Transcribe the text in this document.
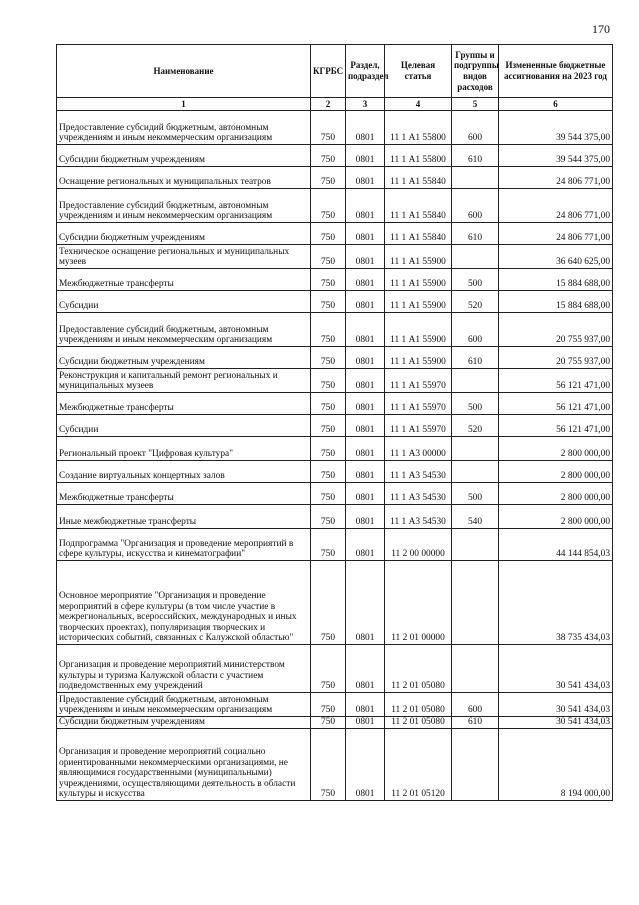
170
Наименование	КГРБС	Раздел, подраздел	Целевая статья	Группы и подгруппы видов расходов	Измененные бюджетные ассигнования на 2023 год
1	2	3	4	5	6
Предоставление субсидий бюджетным, автономным учреждениям и иным некоммерческим организациям	750	0801	11 1 А1 55800	600	39 544 375,00
Субсидии бюджетным учреждениям	750	0801	11 1 А1 55800	610	39 544 375,00
Оснащение региональных и муниципальных театров	750	0801	11 1 А1 55840		24 806 771,00
Предоставление субсидий бюджетным, автономным учреждениям и иным некоммерческим организациям	750	0801	11 1 А1 55840	600	24 806 771,00
Субсидии бюджетным учреждениям	750	0801	11 1 А1 55840	610	24 806 771,00
Техническое оснащение региональных и муниципальных музеев	750	0801	11 1 А1 55900		36 640 625,00
Межбюджетные трансферты	750	0801	11 1 А1 55900	500	15 884 688,00
Субсидии	750	0801	11 1 А1 55900	520	15 884 688,00
Предоставление субсидий бюджетным, автономным учреждениям и иным некоммерческим организациям	750	0801	11 1 А1 55900	600	20 755 937,00
Субсидии бюджетным учреждениям	750	0801	11 1 А1 55900	610	20 755 937,00
Реконструкция и капитальный ремонт региональных и муниципальных музеев	750	0801	11 1 А1 55970		56 121 471,00
Межбюджетные трансферты	750	0801	11 1 А1 55970	500	56 121 471,00
Субсидии	750	0801	11 1 А1 55970	520	56 121 471,00
Региональный проект "Цифровая культура"	750	0801	11 1 А3 00000		2 800 000,00
Создание виртуальных концертных залов	750	0801	11 1 А3 54530		2 800 000,00
Межбюджетные трансферты	750	0801	11 1 А3 54530	500	2 800 000,00
Иные межбюджетные трансферты	750	0801	11 1 А3 54530	540	2 800 000,00
Подпрограмма "Организация и проведение мероприятий в сфере культуры, искусства и кинематографии"	750	0801	11 2 00 00000		44 144 854,03
Основное мероприятие "Организация и проведение мероприятий в сфере культуры (в том числе участие в межрегиональных, всероссийских, международных и иных творческих проектах), популяризация творческих и исторических событий, связанных с Калужской областью"	750	0801	11 2 01 00000		38 735 434,03
Организация и проведение мероприятий министерством культуры и туризма Калужской области с участием подведомственных ему учреждений	750	0801	11 2 01 05080		30 541 434,03
Предоставление субсидий бюджетным, автономным учреждениям и иным некоммерческим организациям	750	0801	11 2 01 05080	600	30 541 434,03
Субсидии бюджетным учреждениям	750	0801	11 2 01 05080	610	30 541 434,03
Организация и проведение мероприятий социально ориентированными некоммерческими организациями, не являющимися государственными (муниципальными) учреждениями, осуществляющими деятельность в области культуры и искусства	750	0801	11 2 01 05120		8 194 000,00
